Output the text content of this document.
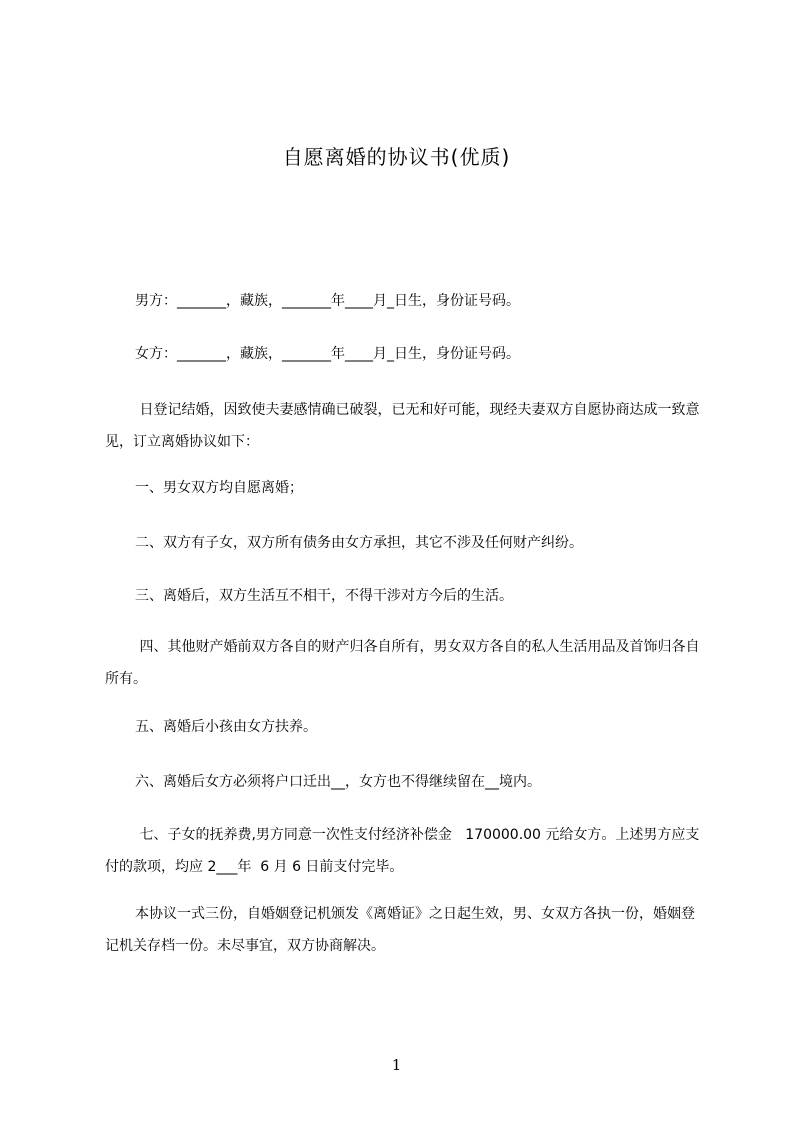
自愿离婚的协议书(优质)
男方：_______，藏族，_______年____月_日生，身份证号码。
女方：_______，藏族，_______年____月_日生，身份证号码。
日登记结婚，因致使夫妻感情确已破裂，已无和好可能，现经夫妻双方自愿协商达成一致意见，订立离婚协议如下：
一、男女双方均自愿离婚；
二、双方有子女，双方所有债务由女方承担，其它不涉及任何财产纠纷。
三、离婚后，双方生活互不相干，不得干涉对方今后的生活。
四、其他财产婚前双方各自的财产归各自所有，男女双方各自的私人生活用品及首饰归各自所有。
五、离婚后小孩由女方扶养。
六、离婚后女方必须将户口迁出__，女方也不得继续留在__境内。
七、子女的抚养费,男方同意一次性支付经济补偿金   170000.00 元给女方。上述男方应支付的款项，均应 2___年  6 月 6 日前支付完毕。
本协议一式三份，自婚姻登记机颁发《离婚证》之日起生效，男、女双方各执一份，婚姻登记机关存档一份。未尽事宜，双方协商解决。
1
